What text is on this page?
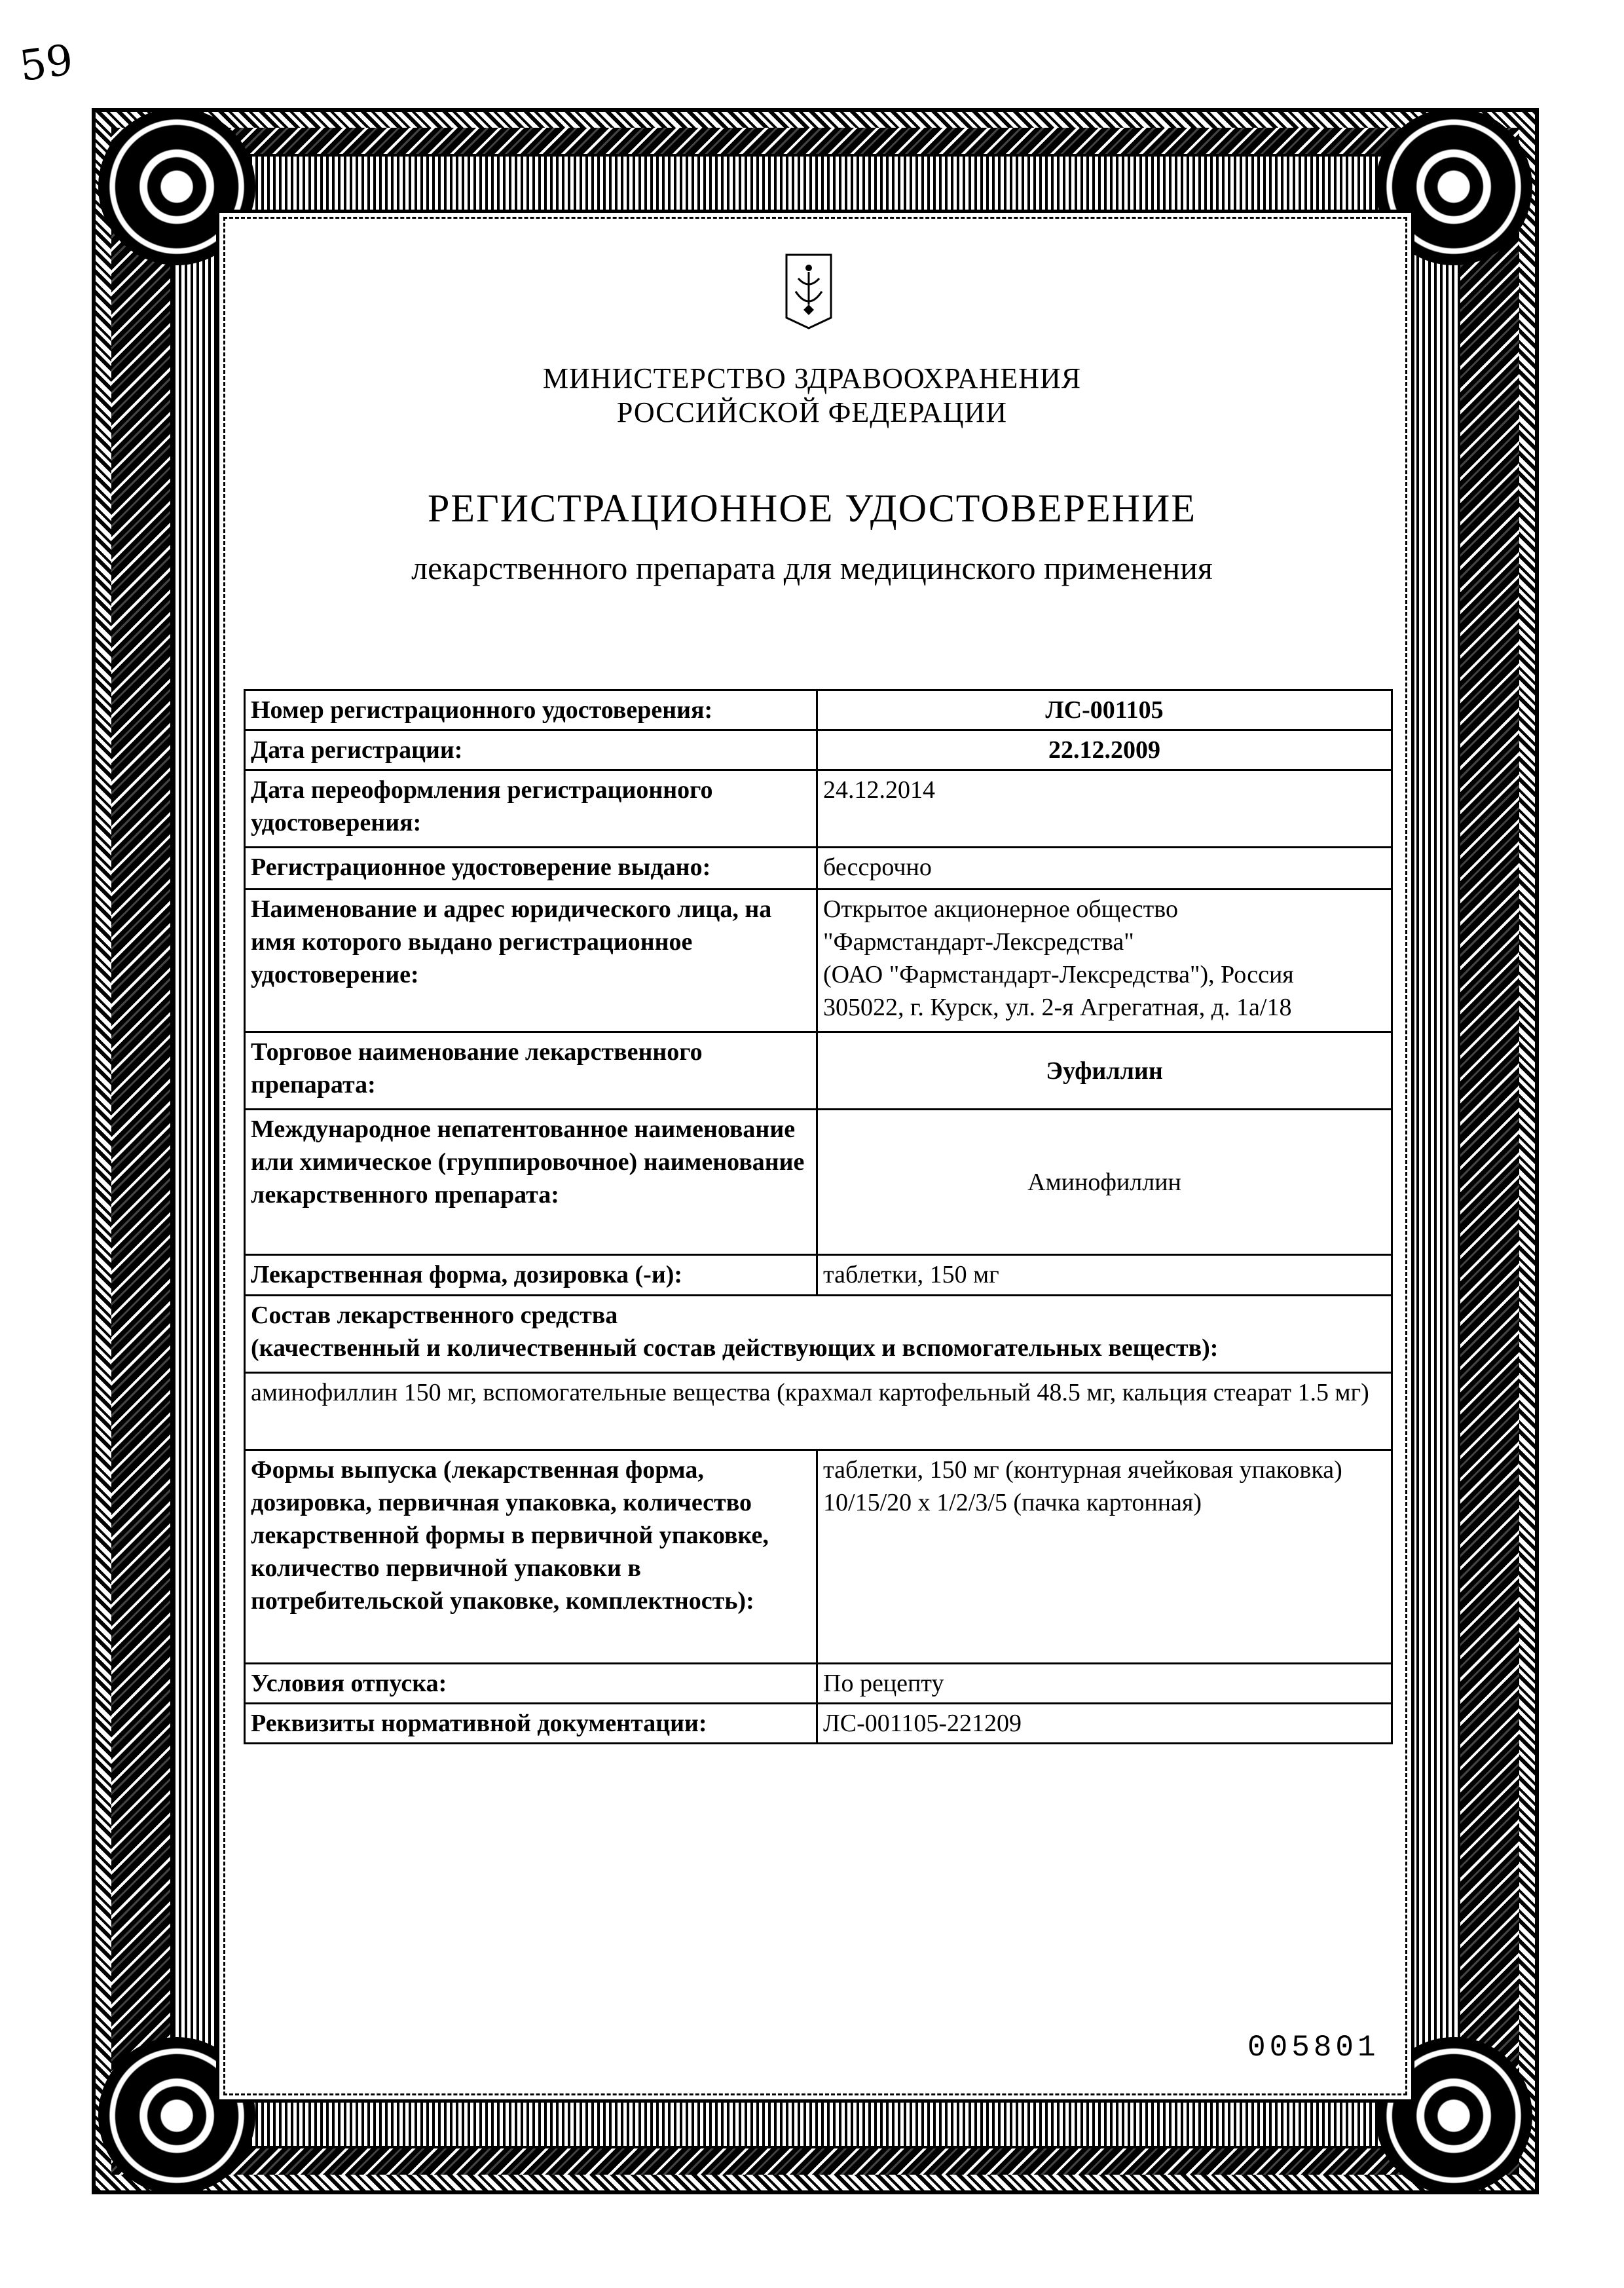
59
МИНИСТЕРСТВО ЗДРАВООХРАНЕНИЯ
РОССИЙСКОЙ ФЕДЕРАЦИИ
РЕГИСТРАЦИОННОЕ УДОСТОВЕРЕНИЕ
лекарственного препарата для медицинского применения
Номер регистрационного удостоверения:	ЛС-001105
Дата регистрации:	22.12.2009
Дата переоформления регистрационного удостоверения:	24.12.2014
Регистрационное удостоверение выдано:	бессрочно
Наименование и адрес юридического лица, на имя которого выдано регистрационное удостоверение:	Открытое акционерное общество
"Фармстандарт-Лексредства"
(ОАО "Фармстандарт-Лексредства"), Россия
305022, г. Курск, ул. 2-я Агрегатная, д. 1а/18

Торговое наименование лекарственного препарата:	Эуфиллин
Международное непатентованное наименование или химическое (группировочное) наименование лекарственного препарата:	Аминофиллин
Лекарственная форма, дозировка (-и):	таблетки, 150 мг

Состав лекарственного средства
(качественный и количественный состав действующих и вспомогательных веществ):	

аминофиллин 150 мг, вспомогательные вещества (крахмал картофельный 48.5 мг, кальция стеарат 1.5 мг)	
Формы выпуска (лекарственная форма, дозировка, первичная упаковка, количество лекарственной формы в первичной упаковке, количество первичной упаковки в потребительской упаковке, комплектность):	таблетки, 150 мг (контурная ячейковая упаковка) 10/15/20 х 1/2/3/5 (пачка картонная)
Условия отпуска:	По рецепту
Реквизиты нормативной документации:	ЛС-001105-221209
005801
